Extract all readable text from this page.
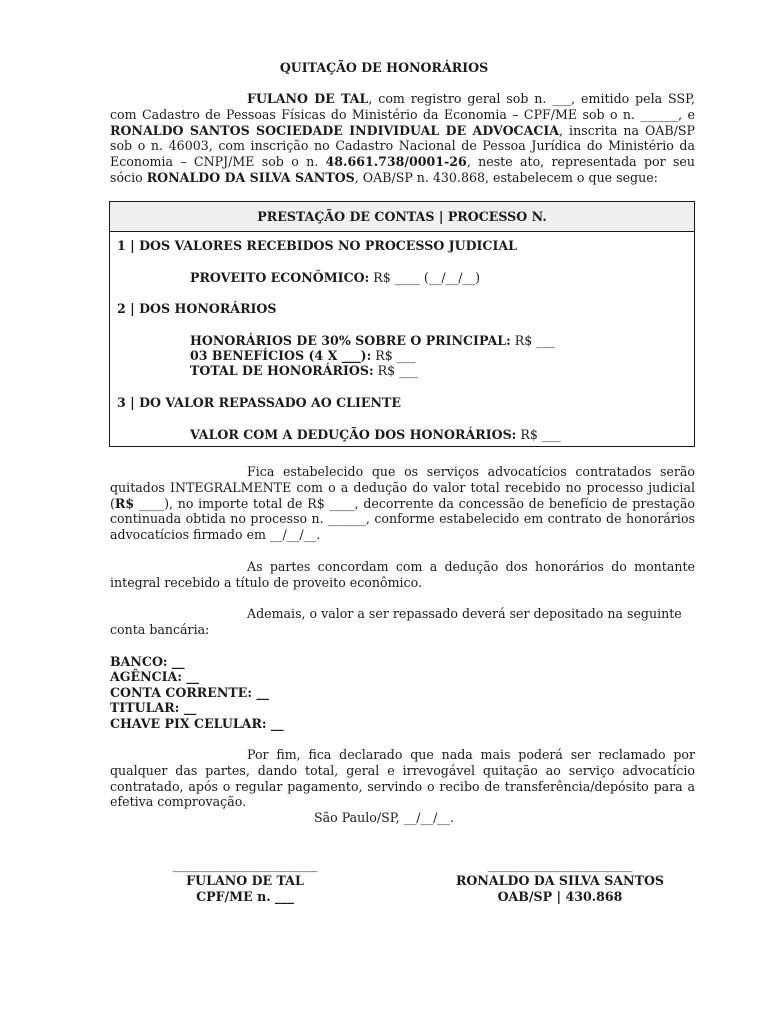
QUITAÇÃO DE HONORÁRIOS
FULANO DE TAL, com registro geral sob n. ___, emitido pela SSP, com Cadastro de Pessoas Físicas do Ministério da Economia – CPF/ME sob o n. ______, e RONALDO SANTOS SOCIEDADE INDIVIDUAL DE ADVOCACIA, inscrita na OAB/SP sob o n. 46003, com inscrição no Cadastro Nacional de Pessoa Jurídica do Ministério da Economia – CNPJ/ME sob o n. 48.661.738/0001-26, neste ato, representada por seu sócio RONALDO DA SILVA SANTOS, OAB/SP n. 430.868, estabelecem o que segue:
PRESTAÇÃO DE CONTAS | PROCESSO N.
1 | DOS VALORES RECEBIDOS NO PROCESSO JUDICIAL
PROVEITO ECONÔMICO: R$ ____ (__/__/__)
2 | DOS HONORÁRIOS
HONORÁRIOS DE 30% SOBRE O PRINCIPAL: R$ ___
03 BENEFÍCIOS (4 X ___): R$ ___
TOTAL DE HONORÁRIOS: R$ ___
3 | DO VALOR REPASSADO AO CLIENTE
VALOR COM A DEDUÇÃO DOS HONORÁRIOS: R$ ___
Fica estabelecido que os serviços advocatícios contratados serão quitados INTEGRALMENTE com o a dedução do valor total recebido no processo judicial (R$ ____), no importe total de R$ ____, decorrente da concessão de benefício de prestação continuada obtida no processo n. ______, conforme estabelecido em contrato de honorários advocatícios firmado em __/__/__.
As partes concordam com a dedução dos honorários do montante integral recebido a título de proveito econômico.
Ademais, o valor a ser repassado deverá ser depositado na seguinte conta bancária:
BANCO: __
AGÊNCIA: __
CONTA CORRENTE: __
TITULAR: __
CHAVE PIX CELULAR: __
Por fim, fica declarado que nada mais poderá ser reclamado por qualquer das partes, dando total, geral e irrevogável quitação ao serviço advocatício contratado, após o regular pagamento, servindo o recibo de transferência/depósito para a efetiva comprovação.
São Paulo/SP, __/__/__.
_______________________
FULANO DE TAL
CPF/ME n. ___
_______________________
RONALDO DA SILVA SANTOS
OAB/SP | 430.868
